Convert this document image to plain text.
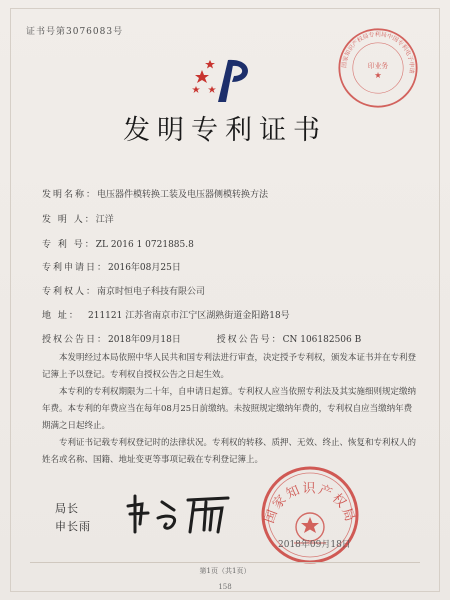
证书号第3076083号
国家知识产权局专利局中国专利电子申请
印业务
★
发明专利证书
发明名称：电压器件模转换工装及电压器侧模转换方法
发 明 人：江洋
专 利 号：ZL 2016 1 0721885.8
专利申请日：2016年08月25日
专利权人：南京时恒电子科技有限公司
地 址： 211121 江苏省南京市江宁区湖熟街道金阳路18号
授权公告日：2018年09月18日	授权公告号：CN 106182506 B

本发明经过本局依照中华人民共和国专利法进行审查，决定授予专利权，颁发本证书并在专利登记簿上予以登记。专利权自授权公告之日起生效。

本专利的专利权期限为二十年，自申请日起算。专利权人应当依照专利法及其实施细则规定缴纳年费。本专利的年费应当在每年08月25日前缴纳。未按照规定缴纳年费的，专利权自应当缴纳年费期满之日起终止。

专利证书记载专利权登记时的法律状况。专利权的转移、质押、无效、终止、恢复和专利权人的姓名或名称、国籍、地址变更等事项记载在专利登记簿上。

局长
申长雨
国家知识产权局
2018年09月18日
第1页（共1页）
158
